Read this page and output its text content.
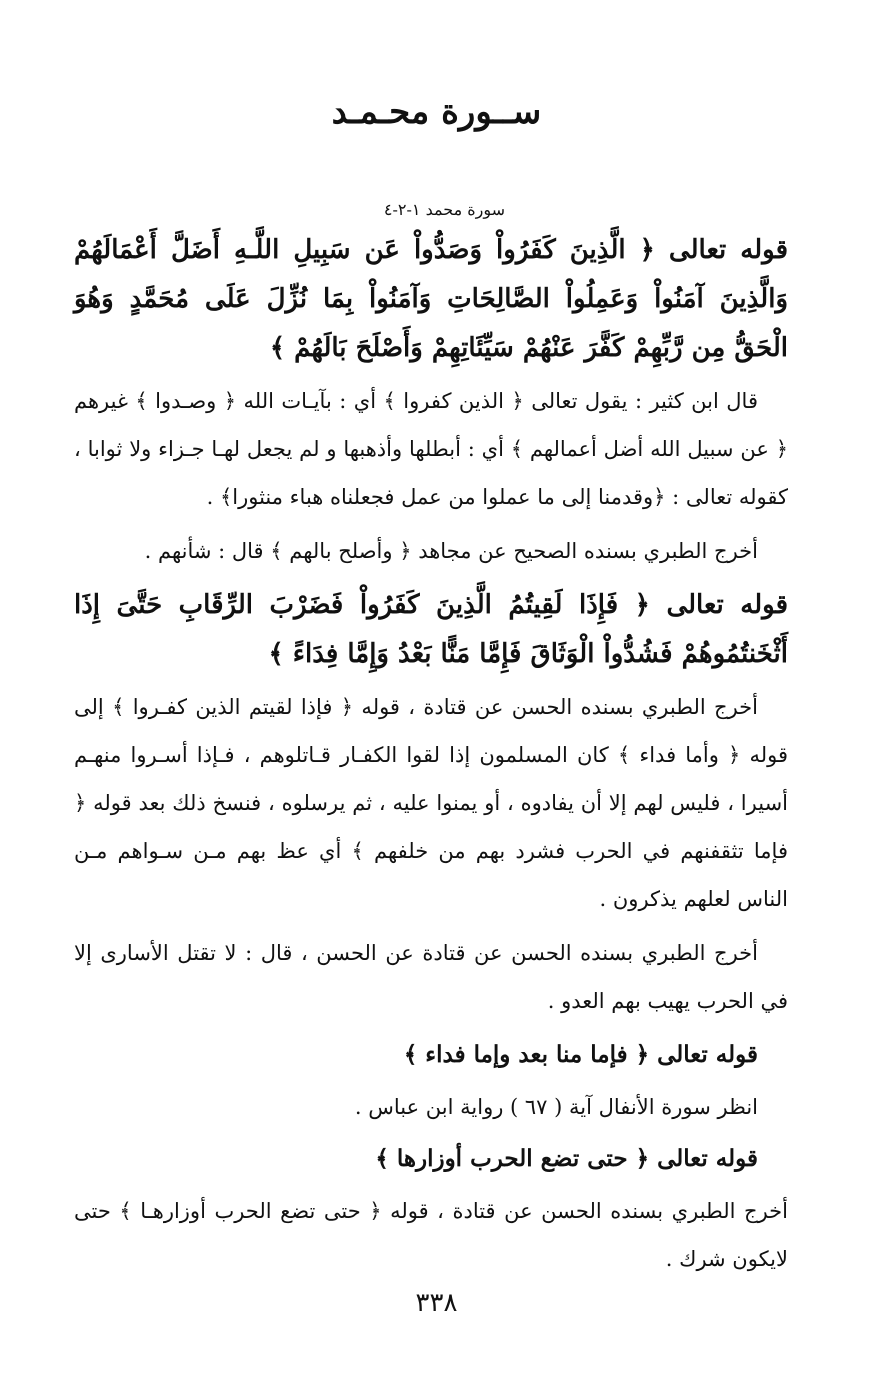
ســورة محـمـد
سورة محمد ١-٢-٤

قوله تعالى ﴿ الَّذِينَ كَفَرُواْ وَصَدُّواْ عَن سَبِيلِ اللَّـهِ أَضَلَّ أَعْمَالَهُمْ وَالَّذِينَ آمَنُواْ وَعَمِلُواْ الصَّالِحَاتِ وَآمَنُواْ بِمَا نُزِّلَ عَلَى مُحَمَّدٍ وَهُوَ الْحَقُّ مِن رَّبِّهِمْ كَفَّرَ عَنْهُمْ سَيِّئَاتِهِمْ وَأَصْلَحَ بَالَهُمْ ﴾

قال ابن كثير : يقول تعالى ﴿ الذين كفروا ﴾ أي : بآيـات الله ﴿ وصـدوا ﴾ غيرهم ﴿ عن سبيل الله أضل أعمالهم ﴾ أي : أبطلها وأذهبها و لم يجعل لهـا جـزاء ولا ثوابا ، كقوله تعالى : ﴿وقدمنا إلى ما عملوا من عمل فجعلناه هباء منثورا﴾ .

أخرج الطبري بسنده الصحيح عن مجاهد ﴿ وأصلح بالهم ﴾ قال : شأنهم .

قوله تعالى ﴿ فَإِذَا لَقِيتُمُ الَّذِينَ كَفَرُواْ فَضَرْبَ الرِّقَابِ حَتَّىَ إِذَا أَثْخَنتُمُوهُمْ فَشُدُّواْ الْوَثَاقَ فَإِمَّا مَنًّا بَعْدُ وَإِمَّا فِدَاءً ﴾

أخرج الطبري بسنده الحسن عن قتادة ، قوله ﴿ فإذا لقيتم الذين كفـروا ﴾ إلى قوله ﴿ وأما فداء ﴾ كان المسلمون إذا لقوا الكفـار قـاتلوهم ، فـإذا أسـروا منهـم أسيرا ، فليس لهم إلا أن يفادوه ، أو يمنوا عليه ، ثم يرسلوه ، فنسخ ذلك بعد قوله ﴿ فإما تثقفنهم في الحرب فشرد بهم من خلفهم ﴾ أي عظ بهم مـن سـواهم مـن الناس لعلهم يذكرون .

أخرج الطبري بسنده الحسن عن قتادة عن الحسن ، قال : لا تقتل الأسارى إلا في الحرب يهيب بهم العدو .

قوله تعالى ﴿ فإما منا بعد وإما فداء ﴾

انظر سورة الأنفال آية ( ٦٧ ) رواية ابن عباس .

قوله تعالى ﴿ حتى تضع الحرب أوزارها ﴾

أخرج الطبري بسنده الحسن عن قتادة ، قوله ﴿ حتى تضع الحرب أوزارهـا ﴾ حتى لايكون شرك .

٣٣٨
